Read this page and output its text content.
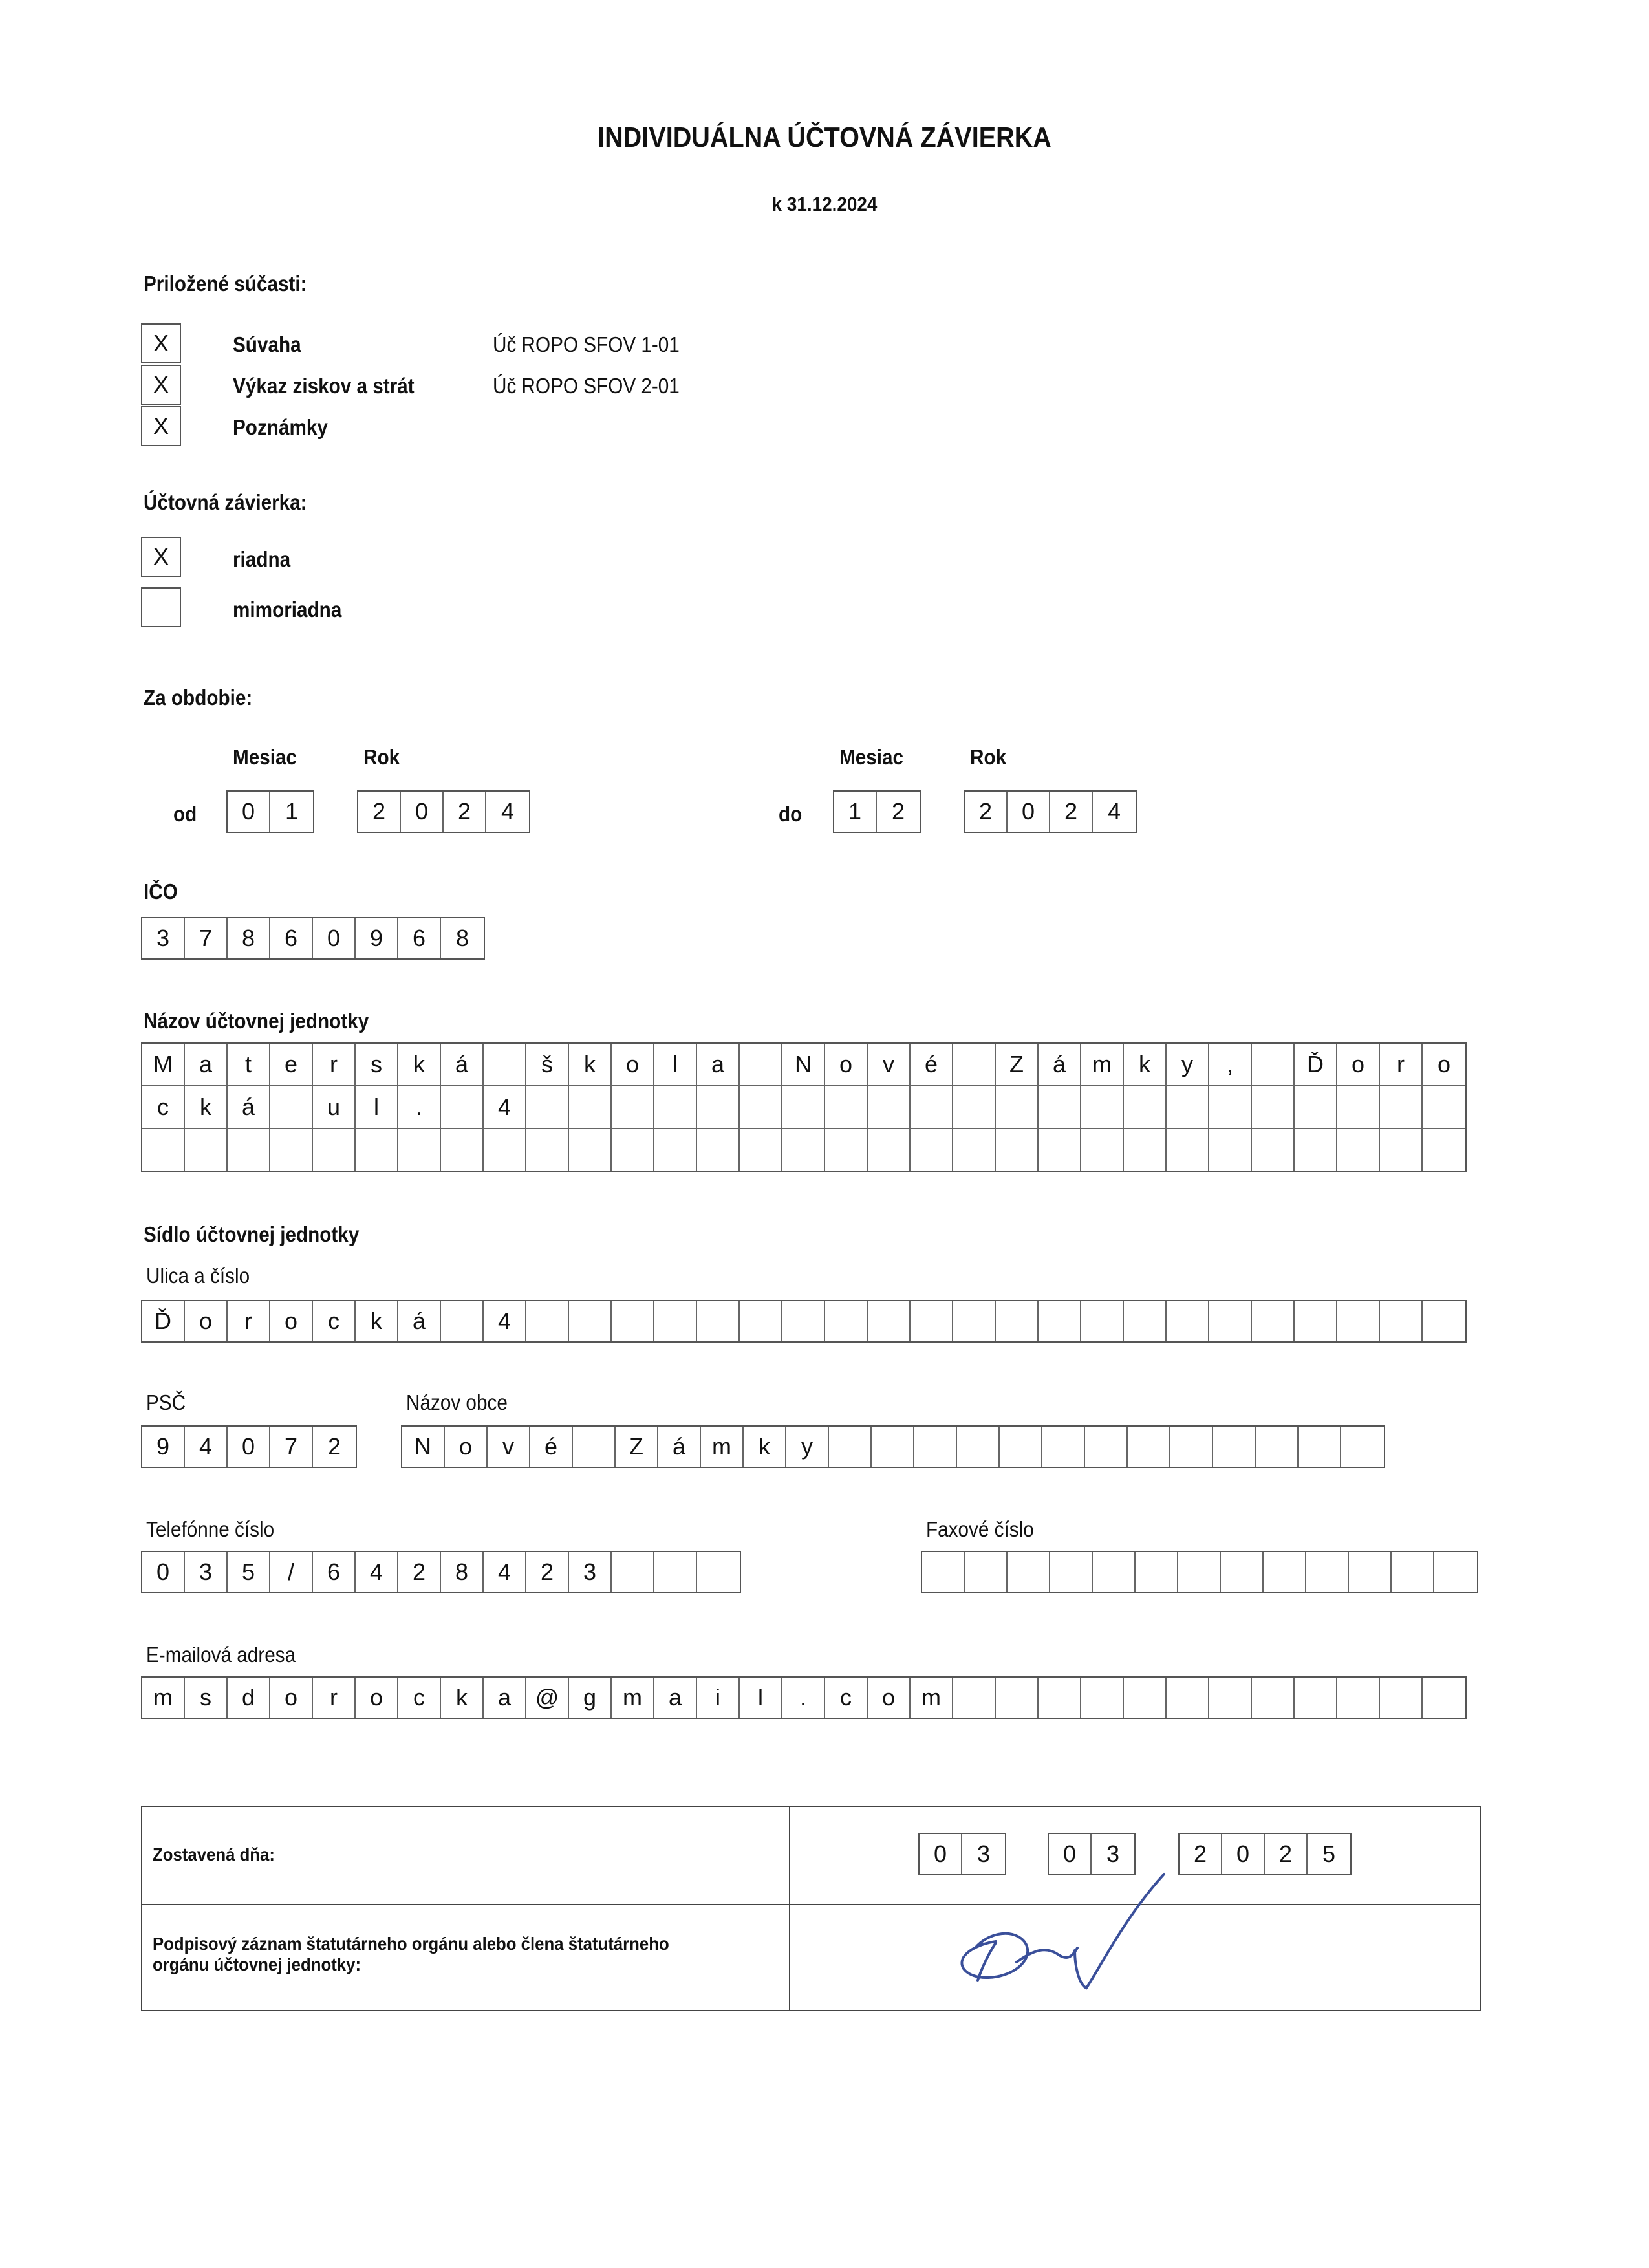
INDIVIDUÁLNA ÚČTOVNÁ ZÁVIERKA
k 31.12.2024
Priložené súčasti:
X	Súvaha	Úč ROPO SFOV 1-01
X	Výkaz ziskov a strát	Úč ROPO SFOV 2-01
X	Poznámky
Účtovná závierka:
X	riadna
mimoriadna
Za obdobie:
Mesiac	Rok	Mesiac	Rok
od	0	1	2	0	2	4	do	1	2	2	0	2	4
IČO
3	7	8	6	0	9	6	8
Názov účtovnej jednotky
M	a	t	e	r	s	k	á	š	k	o	l	a	N	o	v	é	Z	á	m	k	y	,	Ď	o	r	o
c	k	á	u	l	.	4
Sídlo účtovnej jednotky
Ulica a číslo
Ď	o	r	o	c	k	á	4
PSČ
9	4	0	7	2
Názov obce
N	o	v	é	Z	á	m	k	y
Telefónne číslo
0	3	5	/	6	4	2	8	4	2	3
Faxové číslo
E-mailová adresa
m	s	d	o	r	o	c	k	a	@	g	m	a	i	l	.	c	o	m
Zostavená dňa:	0	3	0	3	2	0	2	5
Podpisový záznam štatutárneho orgánu alebo člena štatutárneho orgánu účtovnej jednotky:
